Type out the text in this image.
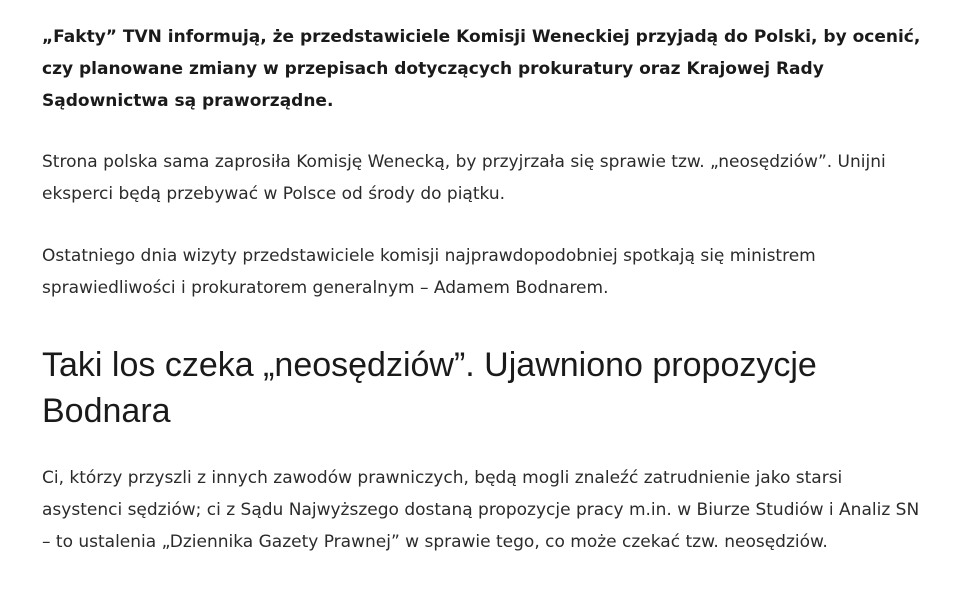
„Fakty” TVN informują, że przedstawiciele Komisji Weneckiej przyjadą do Polski, by ocenić, czy planowane zmiany w przepisach dotyczących prokuratury oraz Krajowej Rady Sądownictwa są praworządne.

Strona polska sama zaprosiła Komisję Wenecką, by przyjrzała się sprawie tzw. „neosędziów”. Unijni eksperci będą przebywać w Polsce od środy do piątku.

Ostatniego dnia wizyty przedstawiciele komisji najprawdopodobniej spotkają się ministrem sprawiedliwości i prokuratorem generalnym – Adamem Bodnarem.

Taki los czeka „neosędziów”. Ujawniono propozycje Bodnara

Ci, którzy przyszli z innych zawodów prawniczych, będą mogli znaleźć zatrudnienie jako starsi asystenci sędziów; ci z Sądu Najwyższego dostaną propozycje pracy m.in. w Biurze Studiów i Analiz SN – to ustalenia „Dziennika Gazety Prawnej” w sprawie tego, co może czekać tzw. neosędziów.
